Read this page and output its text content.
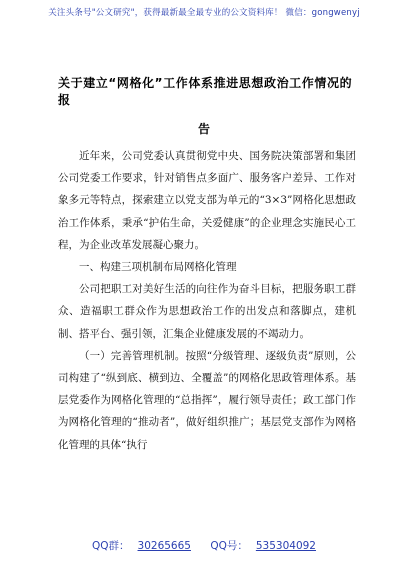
关注头条号"公文研究"，获得最新最全最专业的公文资料库！ 微信：gongwenyj
关于建立“网格化”工作体系推进思想政治工作情况的报
告

近年来，公司党委认真贯彻党中央、国务院决策部署和集团公司党委工作要求，针对销售点多面广、服务客户差异、工作对象多元等特点，探索建立以党支部为单元的“3×3”网格化思想政治工作体系，秉承“护佑生命，关爱健康”的企业理念实施民心工程，为企业改革发展凝心聚力。

一、构建三项机制布局网格化管理

公司把职工对美好生活的向往作为奋斗目标，把服务职工群众、造福职工群众作为思想政治工作的出发点和落脚点，建机制、搭平台、强引领，汇集企业健康发展的不竭动力。

（一）完善管理机制。按照“分级管理、逐级负责”原则，公司构建了“纵到底、横到边、全覆盖”的网格化思政管理体系。基层党委作为网格化管理的“总指挥”，履行领导责任；政工部门作为网格化管理的“推动者”，做好组织推广；基层党支部作为网格化管理的具体“执行

QQ群： 30265665 QQ号： 535304092
